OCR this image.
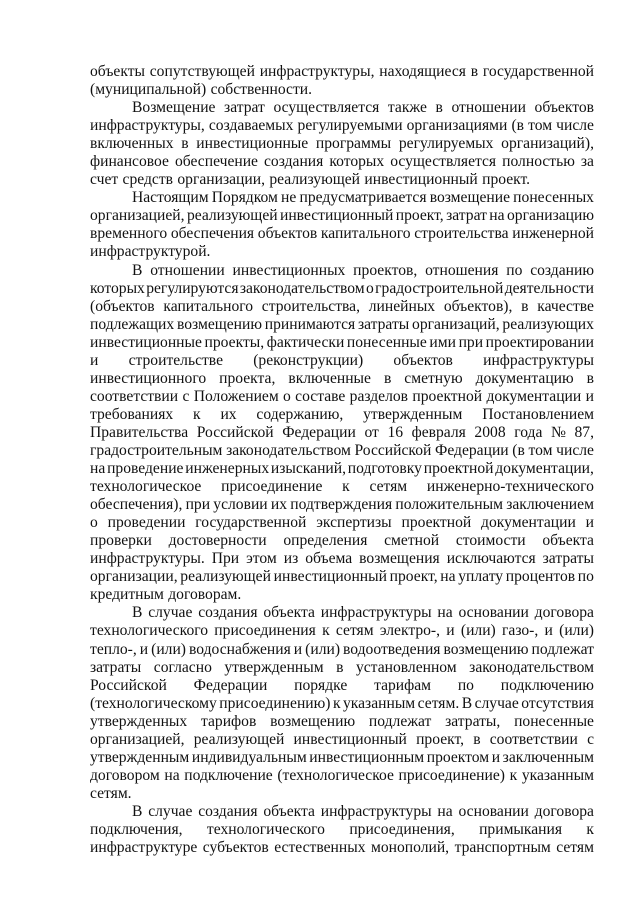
объекты сопутствующей инфраструктуры, находящиеся в государственной
(муниципальной) собственности.
Возмещение затрат осуществляется также в отношении объектов
инфраструктуры, создаваемых регулируемыми организациями (в том числе
включенных в инвестиционные программы регулируемых организаций),
финансовое обеспечение создания которых осуществляется полностью за
счет средств организации, реализующей инвестиционный проект.
Настоящим Порядком не предусматривается возмещение понесенных
организацией, реализующей инвестиционный проект, затрат на организацию
временного обеспечения объектов капитального строительства инженерной
инфраструктурой.
В отношении инвестиционных проектов, отношения по созданию
которых регулируются законодательством о градостроительной деятельности
(объектов капитального строительства, линейных объектов), в качестве
подлежащих возмещению принимаются затраты организаций, реализующих
инвестиционные проекты, фактически понесенные ими при проектировании
и строительстве (реконструкции) объектов инфраструктуры
инвестиционного проекта, включенные в сметную документацию в
соответствии с Положением о составе разделов проектной документации и
требованиях к их содержанию, утвержденным Постановлением
Правительства Российской Федерации от 16 февраля 2008 года № 87,
градостроительным законодательством Российской Федерации (в том числе
на проведение инженерных изысканий, подготовку проектной документации,
технологическое присоединение к сетям инженерно-технического
обеспечения), при условии их подтверждения положительным заключением
о проведении государственной экспертизы проектной документации и
проверки достоверности определения сметной стоимости объекта
инфраструктуры. При этом из объема возмещения исключаются затраты
организации, реализующей инвестиционный проект, на уплату процентов по
кредитным договорам.
В случае создания объекта инфраструктуры на основании договора
технологического присоединения к сетям электро-, и (или) газо-, и (или)
тепло-, и (или) водоснабжения и (или) водоотведения возмещению подлежат
затраты согласно утвержденным в установленном законодательством
Российской Федерации порядке тарифам по подключению
(технологическому присоединению) к указанным сетям. В случае отсутствия
утвержденных тарифов возмещению подлежат затраты, понесенные
организацией, реализующей инвестиционный проект, в соответствии с
утвержденным индивидуальным инвестиционным проектом и заключенным
договором на подключение (технологическое присоединение) к указанным
сетям.
В случае создания объекта инфраструктуры на основании договора
подключения, технологического присоединения, примыкания к
инфраструктуре субъектов естественных монополий, транспортным сетям
